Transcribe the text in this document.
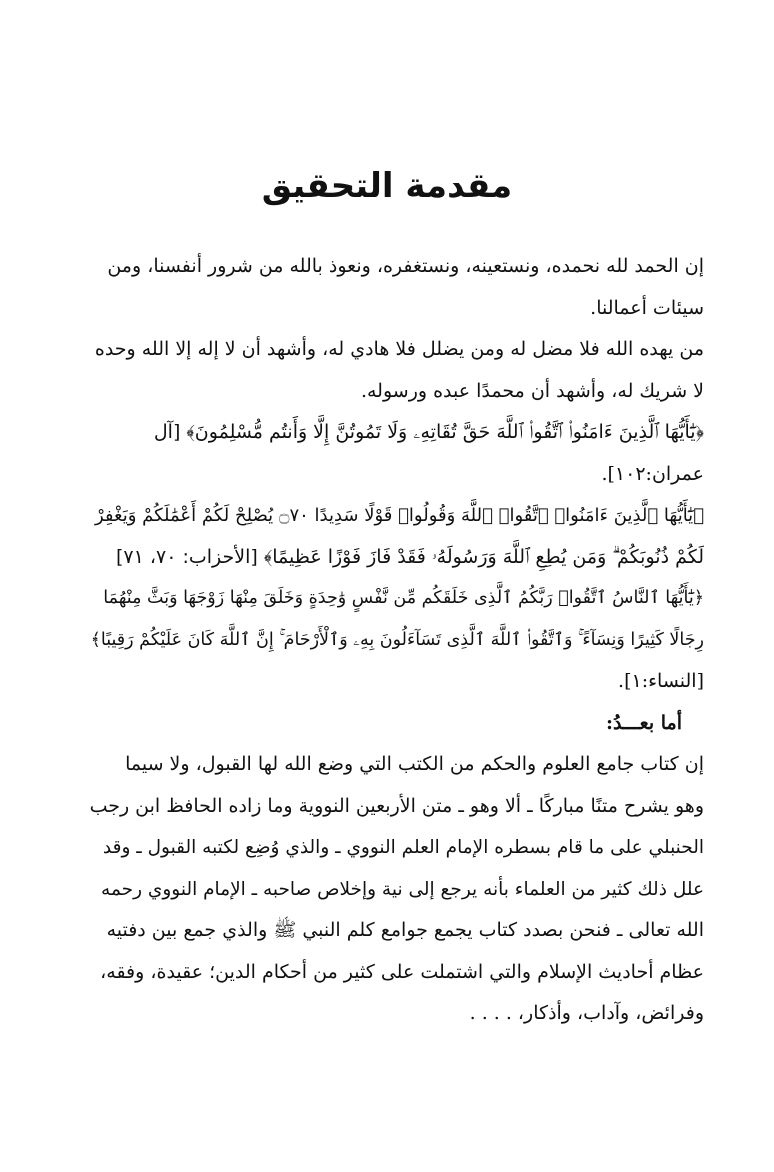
مقدمة التحقيق
إن الحمد لله نحمده، ونستعينه، ونستغفره، ونعوذ بالله من شرور أنفسنا، ومن
سيئات أعمالنا.
من يهده الله فلا مضل له ومن يضلل فلا هادي له، وأشهد أن لا إله إلا الله وحده
لا شريك له، وأشهد أن محمدًا عبده ورسوله.
﴿يَٰٓأَيُّهَا ٱلَّذِينَ ءَامَنُوا۟ ٱتَّقُوا۟ ٱللَّهَ حَقَّ تُقَاتِهِۦ وَلَا تَمُوتُنَّ إِلَّا وَأَنتُم مُّسْلِمُونَ﴾ [آل
عمران:١٠٢].
﴿يَٰٓأَيُّهَا ٱلَّذِينَ ءَامَنُوا۟ ٱتَّقُوا۟ ٱللَّهَ وَقُولُوا۟ قَوْلًا سَدِيدًا ۝٧٠ يُصْلِحْ لَكُمْ أَعْمَٰلَكُمْ وَيَغْفِرْ
لَكُمْ ذُنُوبَكُمْ ۗ وَمَن يُطِعِ ٱللَّهَ وَرَسُولَهُۥ فَقَدْ فَازَ فَوْزًا عَظِيمًا﴾ [الأحزاب: ٧٠، ٧١]
﴿يَٰٓأَيُّهَا ٱلنَّاسُ ٱتَّقُوا۟ رَبَّكُمُ ٱلَّذِى خَلَقَكُم مِّن نَّفْسٍ وَٰحِدَةٍ وَخَلَقَ مِنْهَا زَوْجَهَا وَبَثَّ مِنْهُمَا
رِجَالًا كَثِيرًا وَنِسَآءً ۚ وَٱتَّقُوا۟ ٱللَّهَ ٱلَّذِى تَسَآءَلُونَ بِهِۦ وَٱلْأَرْحَامَ ۚ إِنَّ ٱللَّهَ كَانَ عَلَيْكُمْ رَقِيبًا﴾
[النساء:١].
أما بعـــدُ:
إن كتاب جامع العلوم والحكم من الكتب التي وضع الله لها القبول، ولا سيما
وهو يشرح متنًا مباركًا ـ ألا وهو ـ متن الأربعين النووية وما زاده الحافظ ابن رجب
الحنبلي على ما قام بسطره الإمام العلم النووي ـ والذي وُضِع لكتبه القبول ـ وقد
علل ذلك كثير من العلماء بأنه يرجع إلى نية وإخلاص صاحبه ـ الإمام النووي رحمه
الله تعالى ـ فنحن بصدد كتاب يجمع جوامع كلم النبي ﷺ والذي جمع بين دفتيه
عظام أحاديث الإسلام والتي اشتملت على كثير من أحكام الدين؛ عقيدة، وفقه،
وفرائض، وآداب، وأذكار، . . . .
